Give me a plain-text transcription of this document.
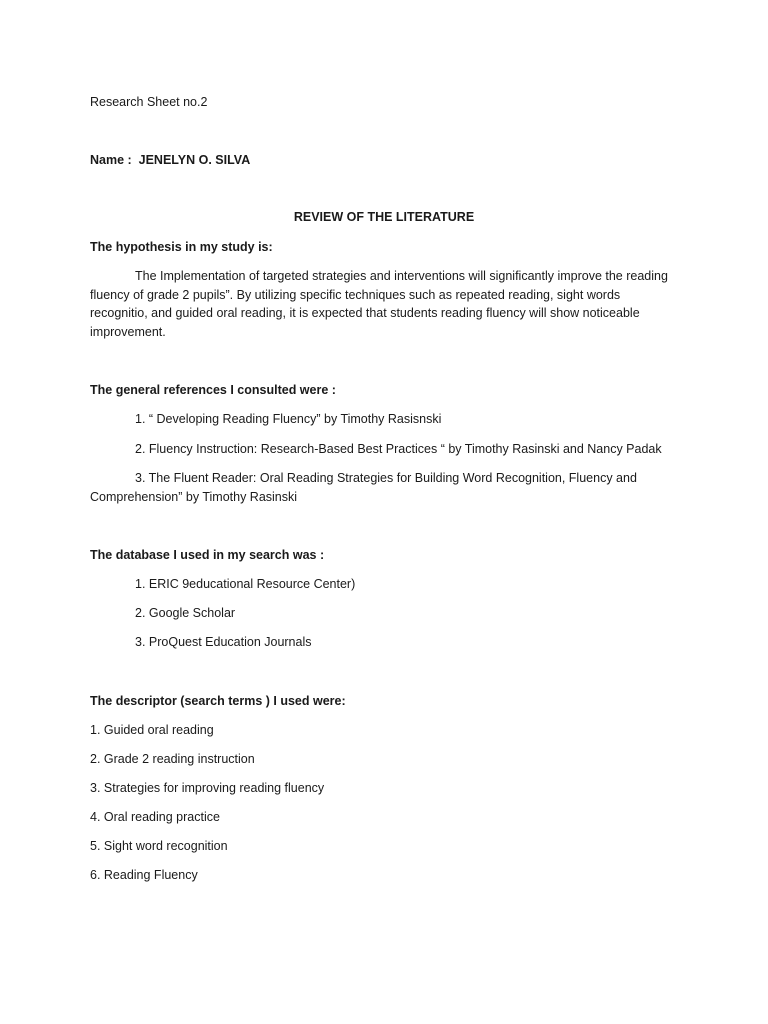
Research Sheet no.2
Name : JENELYN O. SILVA
REVIEW OF THE LITERATURE
The hypothesis in my study is:
The Implementation of targeted strategies and interventions will significantly improve the reading fluency of grade 2 pupils”. By utilizing specific techniques such as repeated reading, sight words recognitio, and guided oral reading, it is expected that students reading fluency will show noticeable improvement.
The general references I consulted were :
1. “ Developing Reading Fluency” by Timothy Rasisnski
2. Fluency Instruction: Research-Based Best Practices “ by Timothy Rasinski and Nancy Padak
3. The Fluent Reader: Oral Reading Strategies for Building Word Recognition, Fluency and Comprehension” by Timothy Rasinski
The database I used in my search was :
1. ERIC 9educational Resource Center)
2. Google Scholar
3. ProQuest Education Journals
The descriptor (search terms ) I used were:
1. Guided oral reading
2. Grade 2 reading instruction
3. Strategies for improving reading fluency
4. Oral reading practice
5. Sight word recognition
6. Reading Fluency
